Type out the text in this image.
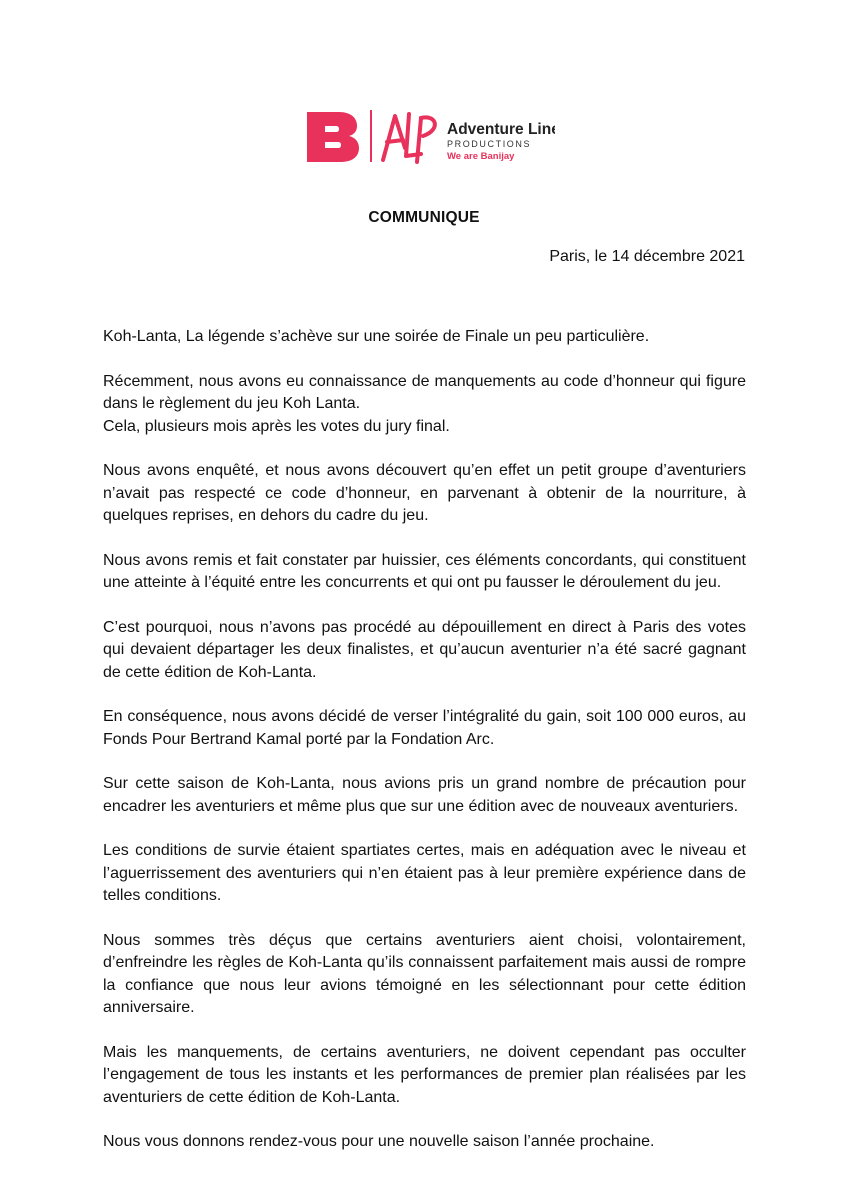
Adventure Line
PRODUCTIONS
We are Banijay
COMMUNIQUE
Paris, le 14 décembre 2021

Koh-Lanta, La légende s’achève sur une soirée de Finale un peu particulière.

Récemment, nous avons eu connaissance de manquements au code d’honneur qui figure dans le règlement du jeu Koh Lanta.
Cela, plusieurs mois après les votes du jury final.

Nous avons enquêté, et nous avons découvert qu’en effet un petit groupe d’aventuriers n’avait pas respecté ce code d’honneur, en parvenant à obtenir de la nourriture, à quelques reprises, en dehors du cadre du jeu.

Nous avons remis et fait constater par huissier, ces éléments concordants, qui constituent une atteinte à l’équité entre les concurrents et qui ont pu fausser le déroulement du jeu.

C’est pourquoi, nous n’avons pas procédé au dépouillement en direct à Paris des votes qui devaient départager les deux finalistes, et qu’aucun aventurier n’a été sacré gagnant de cette édition de Koh-Lanta.

En conséquence, nous avons décidé de verser l’intégralité du gain, soit 100 000 euros, au Fonds Pour Bertrand Kamal porté par la Fondation Arc.

Sur cette saison de Koh-Lanta, nous avions pris un grand nombre de précaution pour encadrer les aventuriers et même plus que sur une édition avec de nouveaux aventuriers.

Les conditions de survie étaient spartiates certes, mais en adéquation avec le niveau et l’aguerrissement des aventuriers qui n’en étaient pas à leur première expérience dans de telles conditions.

Nous sommes très déçus que certains aventuriers aient choisi, volontairement, d’enfreindre les règles de Koh-Lanta qu’ils connaissent parfaitement mais aussi de rompre la confiance que nous leur avions témoigné en les sélectionnant pour cette édition anniversaire.

Mais les manquements, de certains aventuriers, ne doivent cependant pas occulter l’engagement de tous les instants et les performances de premier plan réalisées par les aventuriers de cette édition de Koh-Lanta.

Nous vous donnons rendez-vous pour une nouvelle saison l’année prochaine.
